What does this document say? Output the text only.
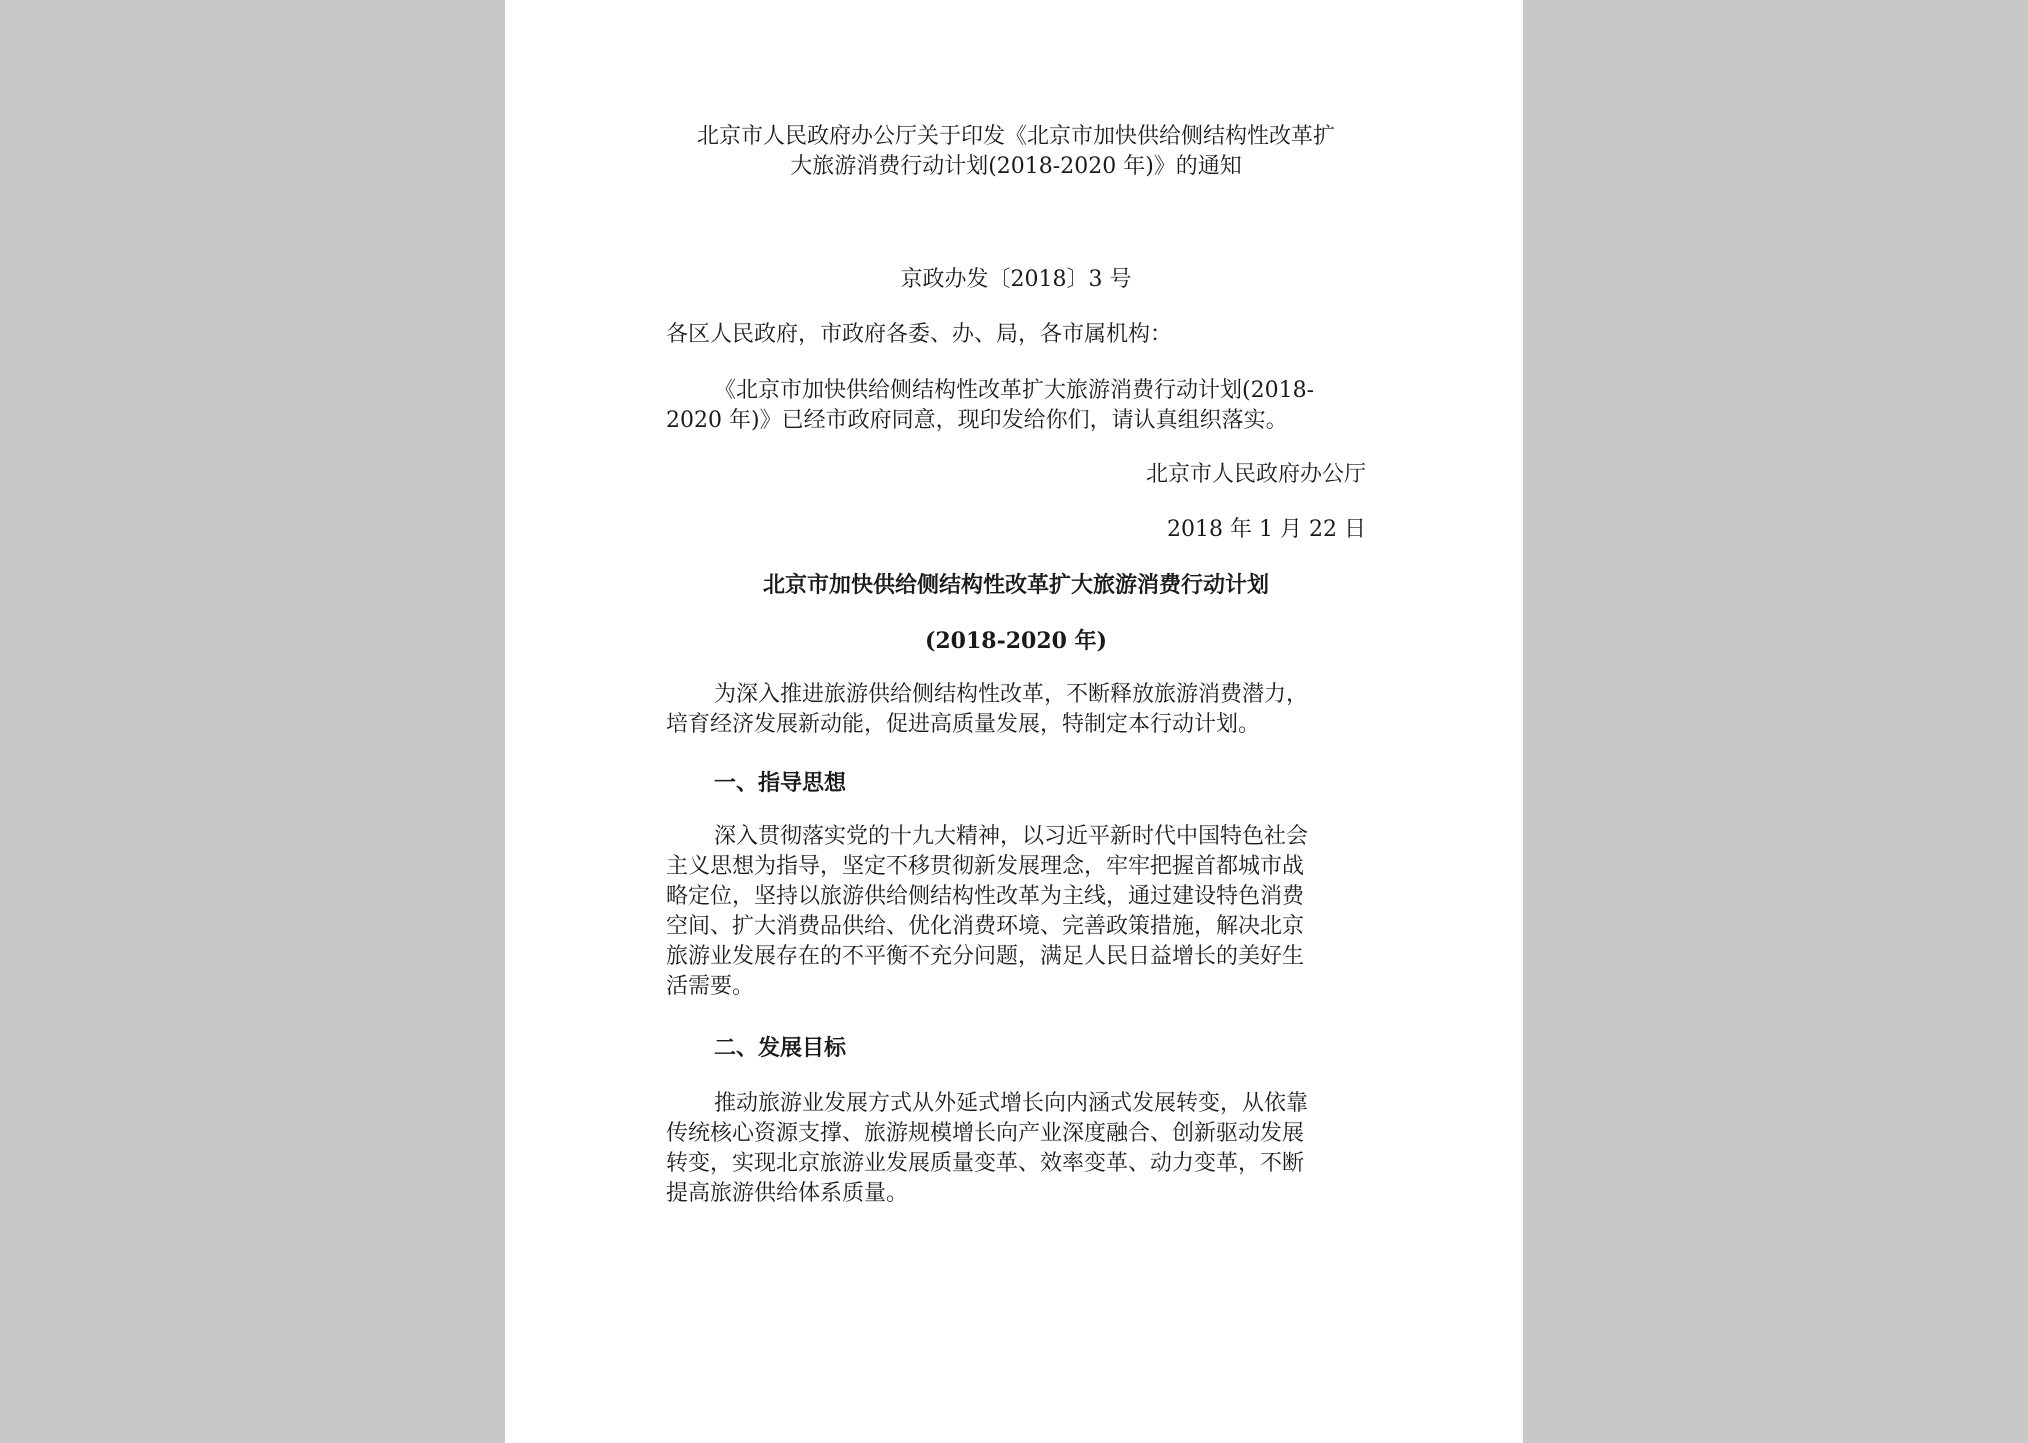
北京市人民政府办公厅关于印发《北京市加快供给侧结构性改革扩
大旅游消费行动计划(2018-2020 年)》的通知
京政办发〔2018〕3 号
各区人民政府，市政府各委、办、局，各市属机构：
《北京市加快供给侧结构性改革扩大旅游消费行动计划(2018-
2020 年)》已经市政府同意，现印发给你们，请认真组织落实。
北京市人民政府办公厅
2018 年 1 月 22 日
北京市加快供给侧结构性改革扩大旅游消费行动计划
(2018-2020 年)
为深入推进旅游供给侧结构性改革，不断释放旅游消费潜力，
培育经济发展新动能，促进高质量发展，特制定本行动计划。
一、指导思想
深入贯彻落实党的十九大精神，以习近平新时代中国特色社会
主义思想为指导，坚定不移贯彻新发展理念，牢牢把握首都城市战
略定位，坚持以旅游供给侧结构性改革为主线，通过建设特色消费
空间、扩大消费品供给、优化消费环境、完善政策措施，解决北京
旅游业发展存在的不平衡不充分问题，满足人民日益增长的美好生
活需要。
二、发展目标
推动旅游业发展方式从外延式增长向内涵式发展转变，从依靠
传统核心资源支撑、旅游规模增长向产业深度融合、创新驱动发展
转变，实现北京旅游业发展质量变革、效率变革、动力变革，不断
提高旅游供给体系质量。
